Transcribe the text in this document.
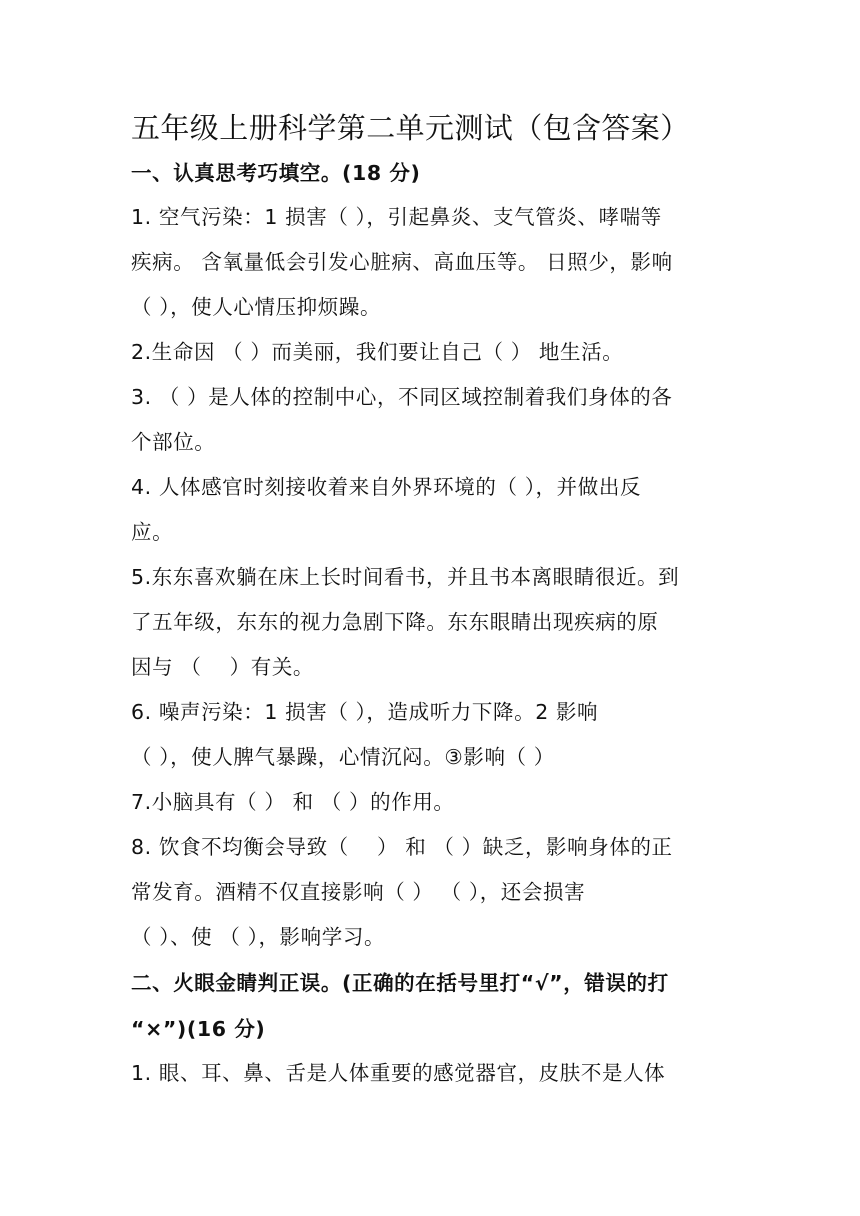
五年级上册科学第二单元测试（包含答案）
一、认真思考巧填空。(18 分)
1. 空气污染：1 损害（ ），引起鼻炎、支气管炎、哮喘等
疾病。 含氧量低会引发心脏病、高血压等。 日照少，影响
（ ），使人心情压抑烦躁。
2.生命因 （ ）而美丽，我们要让自己（ ） 地生活。
3. （ ）是人体的控制中心，不同区域控制着我们身体的各
个部位。
4. 人体感官时刻接收着来自外界环境的（ ），并做出反
应。
5.东东喜欢躺在床上长时间看书，并且书本离眼睛很近。到
了五年级，东东的视力急剧下降。东东眼睛出现疾病的原
因与 （　 ）有关。
6. 噪声污染：1 损害（ ），造成听力下降。2 影响
（ ），使人脾气暴躁，心情沉闷。③影响（ ）
7.小脑具有（ ） 和 （ ）的作用。
8. 饮食不均衡会导致（　 ） 和 （ ）缺乏，影响身体的正
常发育。酒精不仅直接影响（ ） （ ），还会损害
（ ）、使 （ ），影响学习。
二、火眼金睛判正误。(正确的在括号里打“√”，错误的打
“×”)(16 分)
1. 眼、耳、鼻、舌是人体重要的感觉器官，皮肤不是人体
